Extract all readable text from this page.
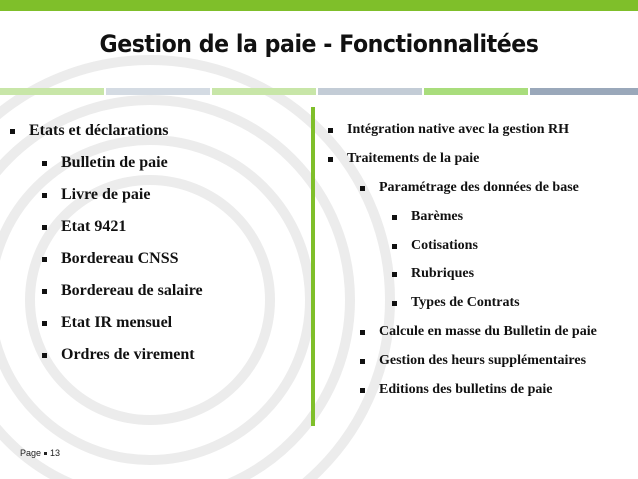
Gestion de la paie - Fonctionnalitées
Etats et déclarations
Bulletin de paie
Livre de paie
Etat 9421
Bordereau CNSS
Bordereau de salaire
Etat IR mensuel
Ordres de virement
Intégration native avec la gestion RH
Traitements de la paie
Paramétrage des données de base
Barèmes
Cotisations
Rubriques
Types de Contrats
Calcule en masse du Bulletin de paie
Gestion des heurs supplémentaires
Editions des bulletins de paie
Page 13
